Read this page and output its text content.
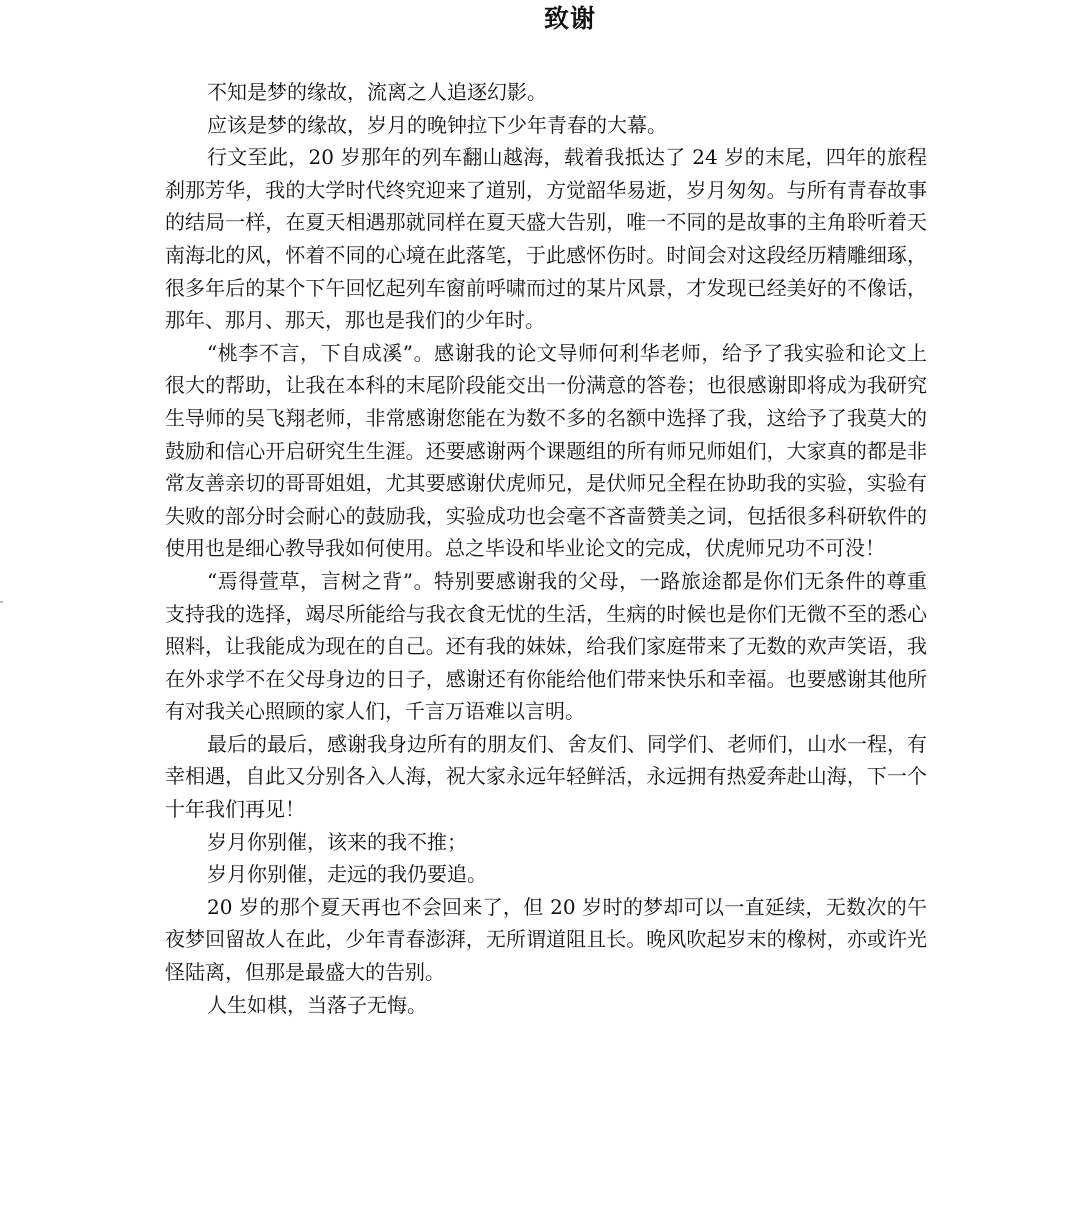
致谢

不知是梦的缘故，流离之人追逐幻影。

应该是梦的缘故，岁月的晚钟拉下少年青春的大幕。

行文至此，20 岁那年的列车翻山越海，载着我抵达了 24 岁的末尾，四年的旅程刹那芳华，我的大学时代终究迎来了道别，方觉韶华易逝，岁月匆匆。与所有青春故事的结局一样，在夏天相遇那就同样在夏天盛大告别，唯一不同的是故事的主角聆听着天南海北的风，怀着不同的心境在此落笔，于此感怀伤时。时间会对这段经历精雕细琢，很多年后的某个下午回忆起列车窗前呼啸而过的某片风景，才发现已经美好的不像话，那年、那月、那天，那也是我们的少年时。

“桃李不言，下自成溪”。感谢我的论文导师何利华老师，给予了我实验和论文上很大的帮助，让我在本科的末尾阶段能交出一份满意的答卷；也很感谢即将成为我研究生导师的吴飞翔老师，非常感谢您能在为数不多的名额中选择了我，这给予了我莫大的鼓励和信心开启研究生生涯。还要感谢两个课题组的所有师兄师姐们，大家真的都是非常友善亲切的哥哥姐姐，尤其要感谢伏虎师兄，是伏师兄全程在协助我的实验，实验有失败的部分时会耐心的鼓励我，实验成功也会毫不吝啬赞美之词，包括很多科研软件的使用也是细心教导我如何使用。总之毕设和毕业论文的完成，伏虎师兄功不可没！

“焉得萱草，言树之背”。特别要感谢我的父母，一路旅途都是你们无条件的尊重支持我的选择，竭尽所能给与我衣食无忧的生活，生病的时候也是你们无微不至的悉心照料，让我能成为现在的自己。还有我的妹妹，给我们家庭带来了无数的欢声笑语，我在外求学不在父母身边的日子，感谢还有你能给他们带来快乐和幸福。也要感谢其他所有对我关心照顾的家人们，千言万语难以言明。

最后的最后，感谢我身边所有的朋友们、舍友们、同学们、老师们，山水一程，有幸相遇，自此又分别各入人海，祝大家永远年轻鲜活，永远拥有热爱奔赴山海，下一个十年我们再见！

岁月你别催，该来的我不推；

岁月你别催，走远的我仍要追。

20 岁的那个夏天再也不会回来了，但 20 岁时的梦却可以一直延续，无数次的午夜梦回留故人在此，少年青春澎湃，无所谓道阻且长。晚风吹起岁末的橡树，亦或许光怪陆离，但那是最盛大的告别。

人生如棋，当落子无悔。
